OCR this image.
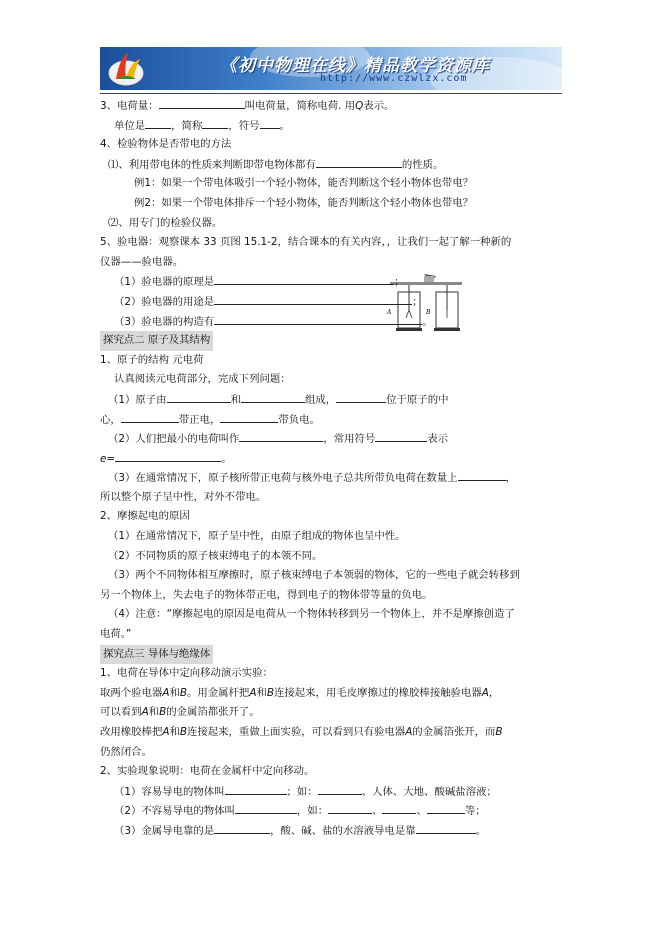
《初中物理在线》精品教学资源库
http://www.czwlzx.com
A	B
3、电荷量：	叫电荷量，简称电荷. 用Q表示。
单位是	，简称	，符号 。
4、检验物体是否带电的方法
⑴、利用带电体的性质来判断即带电物体都有	的性质。
例1：如果一个带电体吸引一个轻小物体，能否判断这个轻小物体也带电？
例2：如果一个带电体排斥一个轻小物体，能否判断这个轻小物体也带电？
⑵、用专门的检验仪器。
5、验电器：观察课本 33 页图 15.1-2，结合课本的有关内容，，让我们一起了解一种新的
仪器——验电器。
（1）验电器的原理是	；
（2）验电器的用途是	；
（3）验电器的构造有	。
探究点二 原子及其结构
1、原子的结构 元电荷
认真阅读元电荷部分，完成下列问题：
（1）原子由	和	组成，	位于原子的中
心，	带正电，	带负电。
（2）人们把最小的电荷叫作	，常用符号	表示
e=	。
（3）在通常情况下，原子核所带正电荷与核外电子总共所带负电荷在数量上	，
所以整个原子呈中性，对外不带电。
2、摩擦起电的原因
（1）在通常情况下，原子呈中性，由原子组成的物体也呈中性。
（2）不同物质的原子核束缚电子的本领不同。
（3）两个不同物体相互摩擦时，原子核束缚电子本领弱的物体，它的一些电子就会转移到
另一个物体上，失去电子的物体带正电，得到电子的物体带等量的负电。
（4）注意：“摩擦起电的原因是电荷从一个物体转移到另一个物体上，并不是摩擦创造了
电荷。”
探究点三 导体与绝缘体
1、电荷在导体中定向移动演示实验：
取两个验电器A和B。用金属杆把A和B连接起来，用毛皮摩擦过的橡胶棒接触验电器A，
可以看到A和B的金属箔都张开了。
改用橡胶棒把A和B连接起来，重做上面实验，可以看到只有验电器A的金属箔张开，而B
仍然闭合。
2、实验现象说明：电荷在金属杆中定向移动。
（1）容易导电的物体叫	；如：	、人体、大地、酸碱盐溶液；
（2）不容易导电的物体叫	，如：	、	、	等；
（3）金属导电靠的是	，酸、碱、盐的水溶液导电是靠	。
